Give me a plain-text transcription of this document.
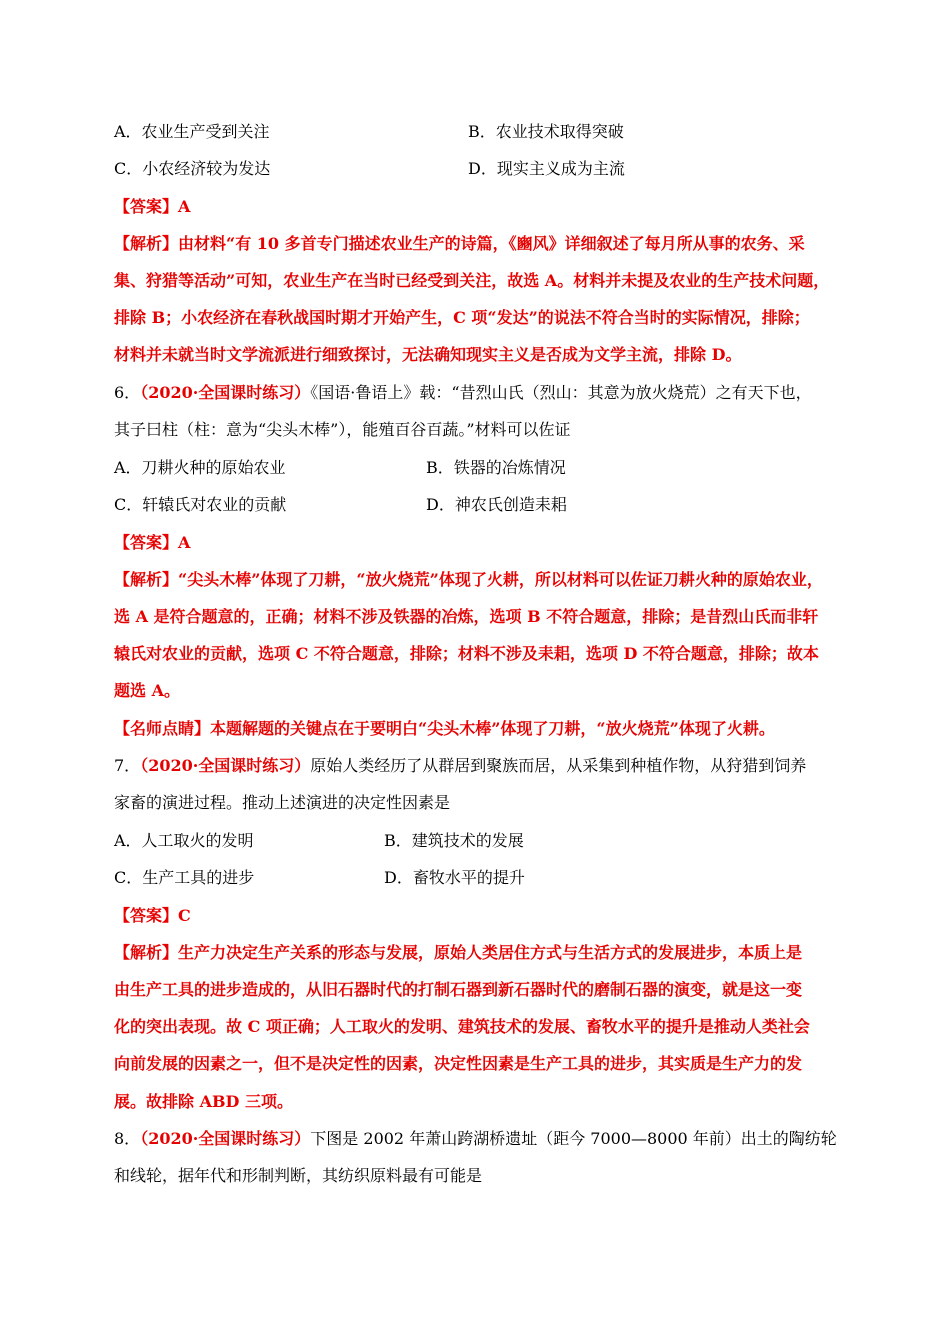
A．农业生产受到关注	B．农业技术取得突破
C．小农经济较为发达	D．现实主义成为主流
【答案】A
【解析】由材料“有 10 多首专门描述农业生产的诗篇，《豳风》详细叙述了每月所从事的农务、采
集、狩猎等活动”可知，农业生产在当时已经受到关注，故选 A。材料并未提及农业的生产技术问题，
排除 B；小农经济在春秋战国时期才开始产生，C 项“发达”的说法不符合当时的实际情况，排除；
材料并未就当时文学流派进行细致探讨，无法确知现实主义是否成为文学主流，排除 D。
6．（2020·全国课时练习）《国语·鲁语上》载：“昔烈山氏（烈山：其意为放火烧荒）之有天下也，
其子曰柱（柱：意为“尖头木棒”），能殖百谷百蔬。”材料可以佐证
A．刀耕火种的原始农业	B．铁器的冶炼情况
C．轩辕氏对农业的贡献	D．神农氏创造耒耜
【答案】A
【解析】“尖头木棒”体现了刀耕，“放火烧荒”体现了火耕，所以材料可以佐证刀耕火种的原始农业，
选 A 是符合题意的，正确；材料不涉及铁器的冶炼，选项 B 不符合题意，排除；是昔烈山氏而非轩
辕氏对农业的贡献，选项 C 不符合题意，排除；材料不涉及耒耜，选项 D 不符合题意，排除；故本
题选 A。
【名师点睛】本题解题的关键点在于要明白“尖头木棒”体现了刀耕，“放火烧荒”体现了火耕。
7．（2020·全国课时练习）原始人类经历了从群居到聚族而居，从采集到种植作物，从狩猎到饲养
家畜的演进过程。推动上述演进的决定性因素是
A．人工取火的发明	B．建筑技术的发展
C．生产工具的进步	D．畜牧水平的提升
【答案】C
【解析】生产力决定生产关系的形态与发展，原始人类居住方式与生活方式的发展进步，本质上是
由生产工具的进步造成的，从旧石器时代的打制石器到新石器时代的磨制石器的演变，就是这一变
化的突出表现。故 C 项正确；人工取火的发明、建筑技术的发展、畜牧水平的提升是推动人类社会
向前发展的因素之一，但不是决定性的因素，决定性因素是生产工具的进步，其实质是生产力的发
展。故排除 ABD 三项。
8．（2020·全国课时练习）下图是 2002 年萧山跨湖桥遗址（距今 7000—8000 年前）出土的陶纺轮
和线轮，据年代和形制判断，其纺织原料最有可能是
